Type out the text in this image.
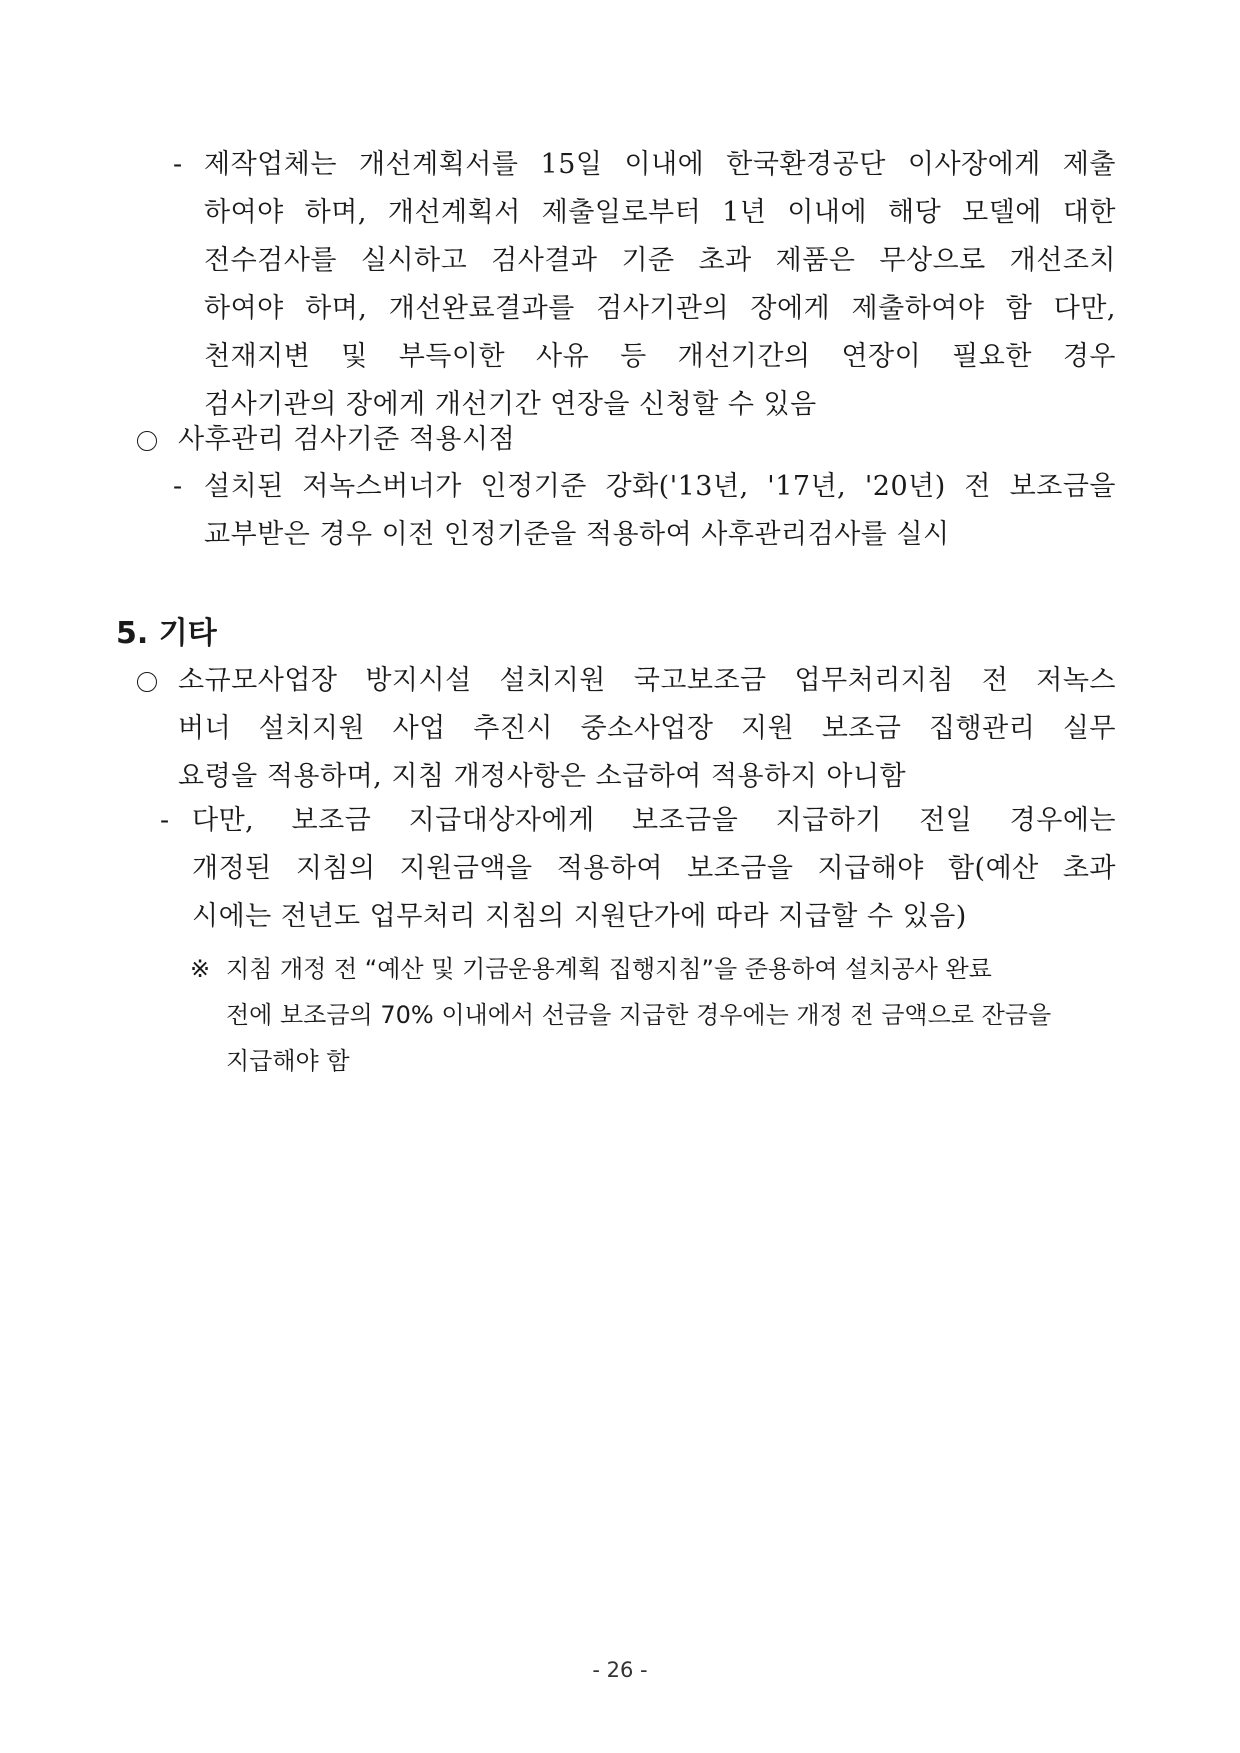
- 제작업체는 개선계획서를 15일 이내에 한국환경공단 이사장에게 제출
하여야 하며, 개선계획서 제출일로부터 1년 이내에 해당 모델에 대한
전수검사를 실시하고 검사결과 기준 초과 제품은 무상으로 개선조치
하여야 하며, 개선완료결과를 검사기관의 장에게 제출하여야 함 다만,
천재지변 및 부득이한 사유 등 개선기간의 연장이 필요한 경우
검사기관의 장에게 개선기간 연장을 신청할 수 있음
사후관리 검사기준 적용시점
- 설치된 저녹스버너가 인정기준 강화('13년, '17년, '20년) 전 보조금을
교부받은 경우 이전 인정기준을 적용하여 사후관리검사를 실시
5. 기타
소규모사업장 방지시설 설치지원 국고보조금 업무처리지침 전 저녹스
버너 설치지원 사업 추진시 중소사업장 지원 보조금 집행관리 실무
요령을 적용하며, 지침 개정사항은 소급하여 적용하지 아니함
- 다만, 보조금 지급대상자에게 보조금을 지급하기 전일 경우에는
개정된 지침의 지원금액을 적용하여 보조금을 지급해야 함(예산 초과
시에는 전년도 업무처리 지침의 지원단가에 따라 지급할 수 있음)
※ 지침 개정 전 “예산 및 기금운용계획 집행지침”을 준용하여 설치공사 완료
전에 보조금의 70% 이내에서 선금을 지급한 경우에는 개정 전 금액으로 잔금을
지급해야 함
- 26 -
